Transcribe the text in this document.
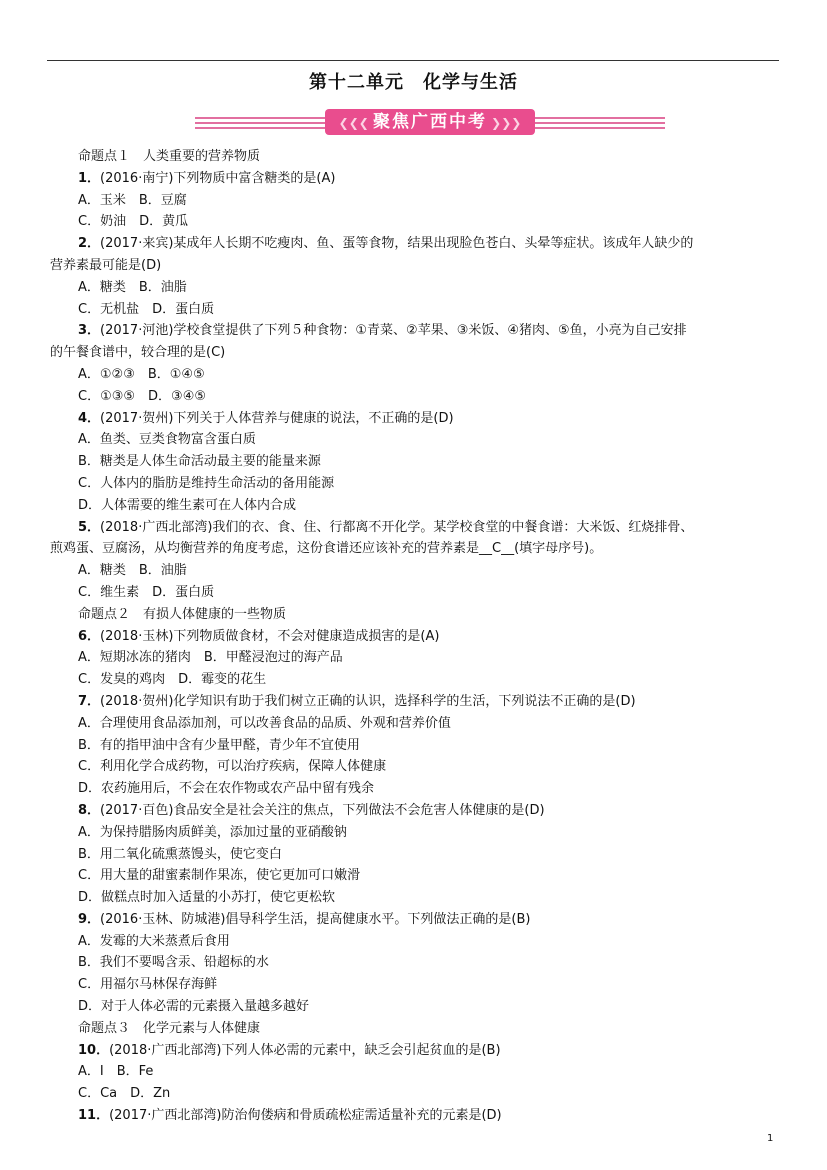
第十二单元　化学与生活
❮❮❮ 聚焦广西中考 ❯❯❯
命题点１　人类重要的营养物质
1．(2016·南宁)下列物质中富含糖类的是(A)
A．玉米　B．豆腐
C．奶油　D．黄瓜
2．(2017·来宾)某成年人长期不吃瘦肉、鱼、蛋等食物，结果出现脸色苍白、头晕等症状。该成年人缺少的
营养素最可能是(D)
A．糖类　B．油脂
C．无机盐　D．蛋白质
3．(2017·河池)学校食堂提供了下列５种食物：①青菜、②苹果、③米饭、④猪肉、⑤鱼，小亮为自己安排
的午餐食谱中，较合理的是(C)
A．①②③　B．①④⑤
C．①③⑤　D．③④⑤
4．(2017·贺州)下列关于人体营养与健康的说法，不正确的是(D)
A．鱼类、豆类食物富含蛋白质
B．糖类是人体生命活动最主要的能量来源
C．人体内的脂肪是维持生命活动的备用能源
D．人体需要的维生素可在人体内合成
5．(2018·广西北部湾)我们的衣、食、住、行都离不开化学。某学校食堂的中餐食谱：大米饭、红烧排骨、
煎鸡蛋、豆腐汤，从均衡营养的角度考虑，这份食谱还应该补充的营养素是__C__(填字母序号)。
A．糖类　B．油脂
C．维生素　D．蛋白质
命题点２　有损人体健康的一些物质
6．(2018·玉林)下列物质做食材，不会对健康造成损害的是(A)
A．短期冰冻的猪肉　B．甲醛浸泡过的海产品
C．发臭的鸡肉　D．霉变的花生
7．(2018·贺州)化学知识有助于我们树立正确的认识，选择科学的生活，下列说法不正确的是(D)
A．合理使用食品添加剂，可以改善食品的品质、外观和营养价值
B．有的指甲油中含有少量甲醛，青少年不宜使用
C．利用化学合成药物，可以治疗疾病，保障人体健康
D．农药施用后，不会在农作物或农产品中留有残余
8．(2017·百色)食品安全是社会关注的焦点，下列做法不会危害人体健康的是(D)
A．为保持腊肠肉质鲜美，添加过量的亚硝酸钠
B．用二氧化硫熏蒸馒头，使它变白
C．用大量的甜蜜素制作果冻，使它更加可口嫩滑
D．做糕点时加入适量的小苏打，使它更松软
9．(2016·玉林、防城港)倡导科学生活，提高健康水平。下列做法正确的是(B)
A．发霉的大米蒸煮后食用
B．我们不要喝含汞、铅超标的水
C．用福尔马林保存海鲜
D．对于人体必需的元素摄入量越多越好
命题点３　化学元素与人体健康
10．(2018·广西北部湾)下列人体必需的元素中，缺乏会引起贫血的是(B)
A．I　B．Fe
C．Ca　D．Zn
11．(2017·广西北部湾)防治佝偻病和骨质疏松症需适量补充的元素是(D)
1
